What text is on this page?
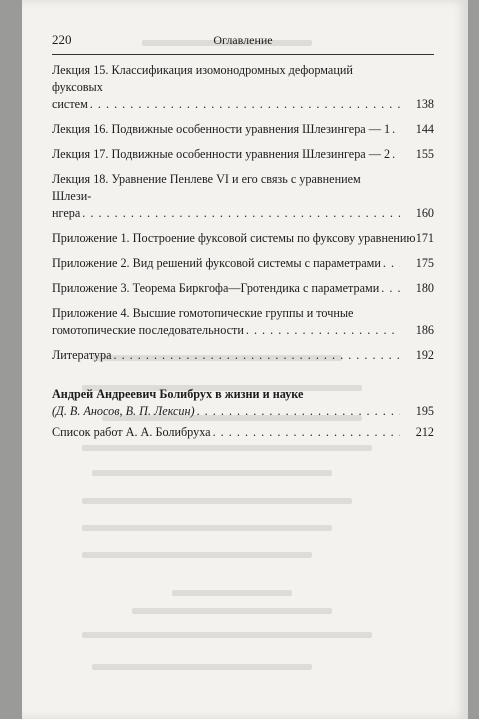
220	Оглавление
Лекция 15. Классификация изомонодромных деформаций фуксовых
систем . . .	138
Лекция 16. Подвижные особенности уравнения Шлезингера — 1 . . .	144
Лекция 17. Подвижные особенности уравнения Шлезингера — 2 . . .	155
Лекция 18. Уравнение Пенлеве VI и его связь с уравнением Шлези-
нгера . . .	160
Приложение 1. Построение фуксовой системы по фуксову уравнению 171
Приложение 2. Вид решений фуксовой системы с параметрами . . .	175
Приложение 3. Теорема Биркгофа—Гротендика с параметрами . . .	180
Приложение 4. Высшие гомотопические группы и точные
гомотопические последовательности . . .	186
Литература . . .	192
Андрей Андреевич Болибрух в жизни и науке
(Д. В. Аносов, В. П. Лексин) . . .	195
Список работ А. А. Болибруха . . .	212
